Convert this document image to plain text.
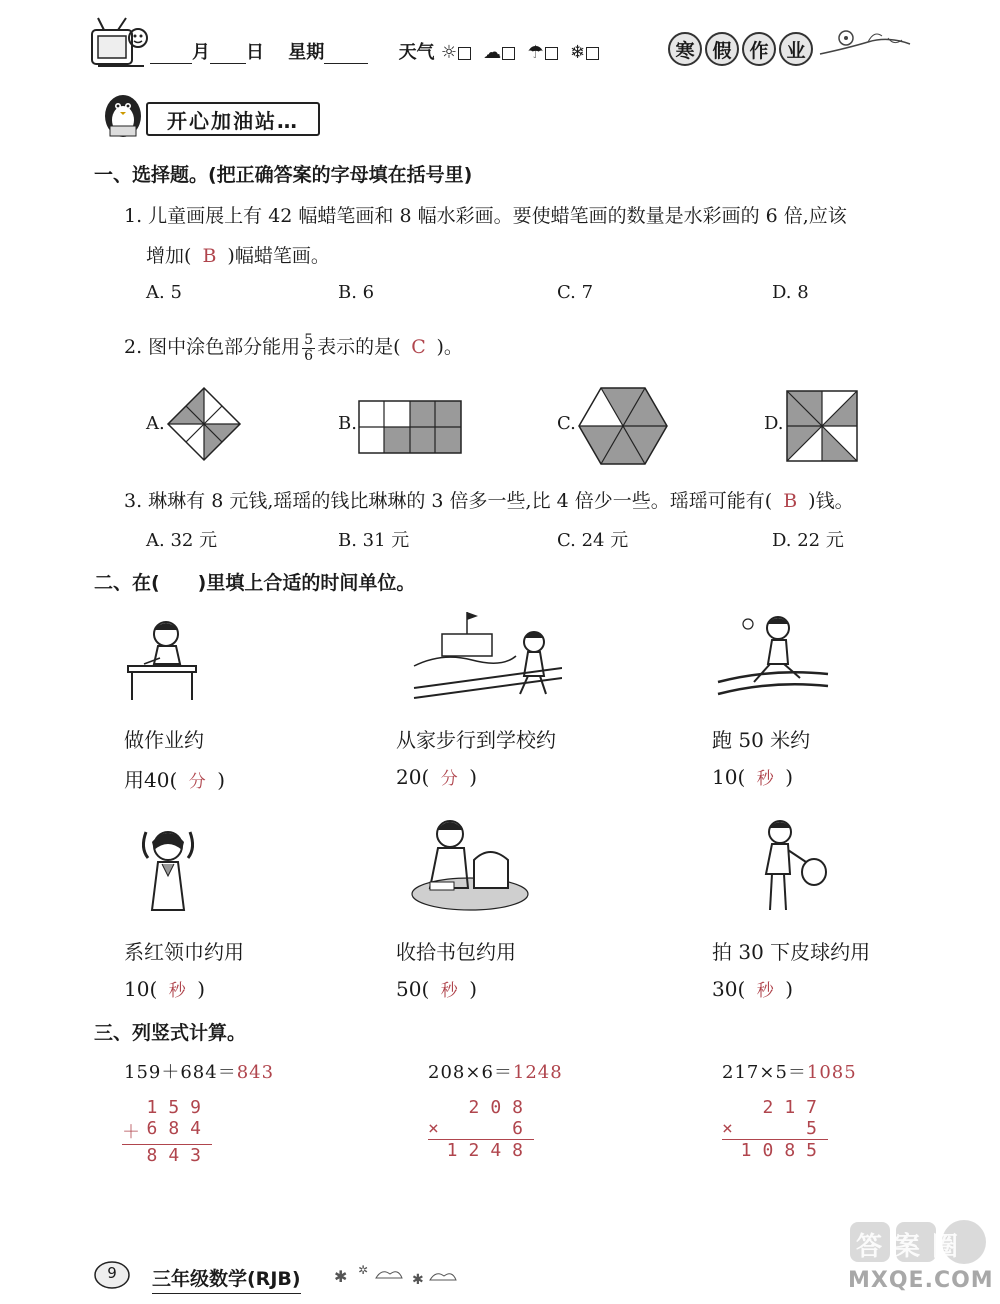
月 日 星期	天气 ☼ ☁ ☂ ❄	寒 假 作 业
开心加油站…
一、选择题。(把正确答案的字母填在括号里)
1. 儿童画展上有 42 幅蜡笔画和 8 幅水彩画。要使蜡笔画的数量是水彩画的 6 倍,应该
增加( B )幅蜡笔画。
A. 5	B. 6	C. 7	D. 8
2. 图中涂色部分能用 $\frac{5}{6}$ 表示的是( C )。
A.	B.	C.	D.
3. 琳琳有 8 元钱,瑶瑶的钱比琳琳的 3 倍多一些,比 4 倍少一些。瑶瑶可能有( B )钱。
A. 32 元	B. 31 元	C. 24 元	D. 22 元
二、在(　　)里填上合适的时间单位。
做作业约	从家步行到学校约	跑 50 米约
用40( 分 )	20( 分 )	10( 秒 )
系红领巾约用	收拾书包约用	拍 30 下皮球约用
10( 秒 )	50( 秒 )	30( 秒 )
三、列竖式计算。
159＋684＝843
159
＋ 684
843
208×6＝1248
208
×	6
1248
217×5＝1085
217
×	5
1085
9	三年级数学(RJB) ✱ ✲
✱
答案圈
MXQE.COM
